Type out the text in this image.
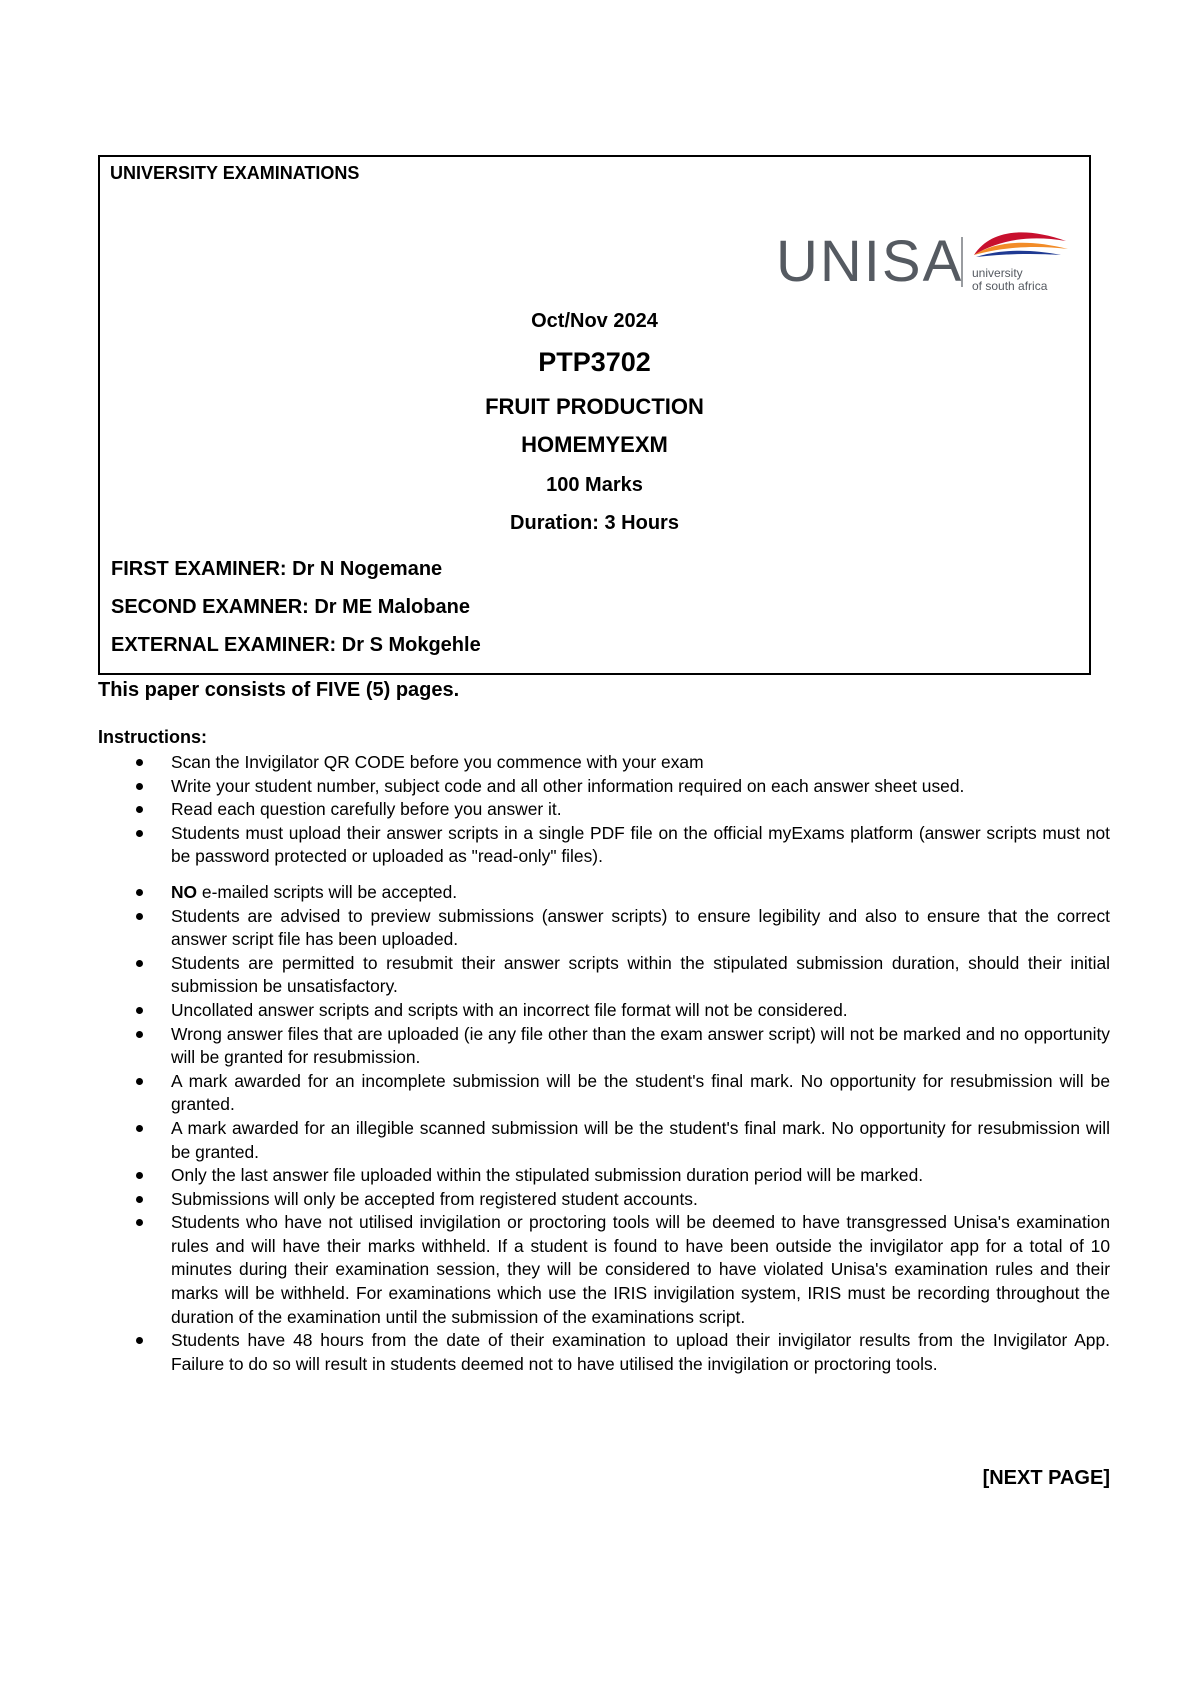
UNIVERSITY EXAMINATIONS
UNISA university
of south africa
Oct/Nov 2024
PTP3702
FRUIT PRODUCTION
HOMEMYEXM
100 Marks
Duration: 3 Hours
FIRST EXAMINER: Dr N Nogemane
SECOND EXAMNER: Dr ME Malobane
EXTERNAL EXAMINER: Dr S Mokgehle
This paper consists of FIVE (5) pages.
Instructions:
Scan the Invigilator QR CODE before you commence with your exam
Write your student number, subject code and all other information required on each answer sheet used.
Read each question carefully before you answer it.
Students must upload their answer scripts in a single PDF file on the official myExams platform (answer scripts must not be password protected or uploaded as "read-only" files).
NO e-mailed scripts will be accepted.
Students are advised to preview submissions (answer scripts) to ensure legibility and also to ensure that the correct answer script file has been uploaded.
Students are permitted to resubmit their answer scripts within the stipulated submission duration, should their initial submission be unsatisfactory.
Uncollated answer scripts and scripts with an incorrect file format will not be considered.
Wrong answer files that are uploaded (ie any file other than the exam answer script) will not be marked and no opportunity will be granted for resubmission.
A mark awarded for an incomplete submission will be the student's final mark. No opportunity for resubmission will be granted.
A mark awarded for an illegible scanned submission will be the student's final mark. No opportunity for resubmission will be granted.
Only the last answer file uploaded within the stipulated submission duration period will be marked.
Submissions will only be accepted from registered student accounts.
Students who have not utilised invigilation or proctoring tools will be deemed to have transgressed Unisa's examination rules and will have their marks withheld. If a student is found to have been outside the invigilator app for a total of 10 minutes during their examination session, they will be considered to have violated Unisa's examination rules and their marks will be withheld. For examinations which use the IRIS invigilation system, IRIS must be recording throughout the duration of the examination until the submission of the examinations script.
Students have 48 hours from the date of their examination to upload their invigilator results from the Invigilator App. Failure to do so will result in students deemed not to have utilised the invigilation or proctoring tools.
[NEXT PAGE]
